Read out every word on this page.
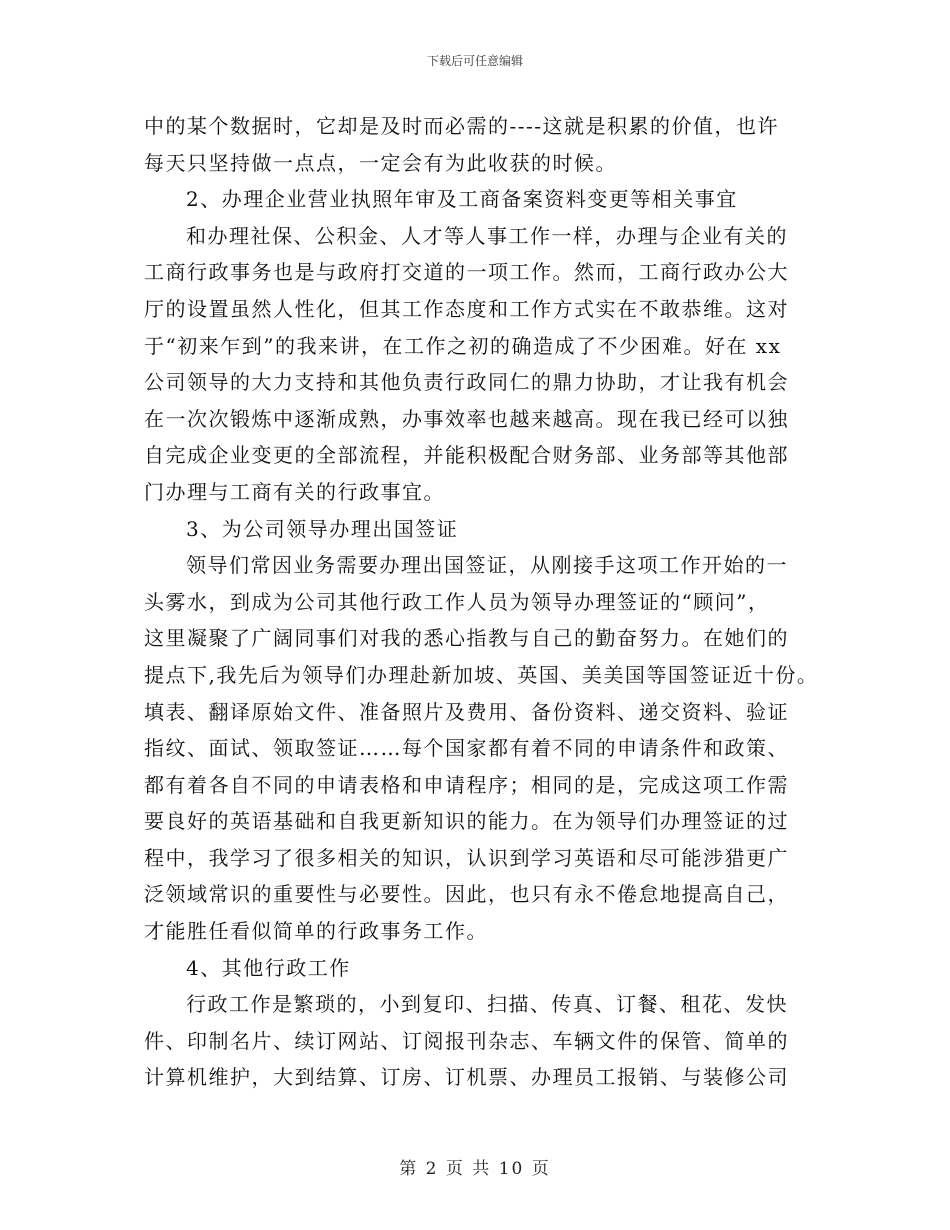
下载后可任意编辑
中的某个数据时，它却是及时而必需的----这就是积累的价值，也许
每天只坚持做一点点，一定会有为此收获的时候。
2、办理企业营业执照年审及工商备案资料变更等相关事宜
和办理社保、公积金、人才等人事工作一样，办理与企业有关的
工商行政事务也是与政府打交道的一项工作。然而，工商行政办公大
厅的设置虽然人性化，但其工作态度和工作方式实在不敢恭维。这对
于“初来乍到”的我来讲，在工作之初的确造成了不少困难。好在 xx
公司领导的大力支持和其他负责行政同仁的鼎力协助，才让我有机会
在一次次锻炼中逐渐成熟，办事效率也越来越高。现在我已经可以独
自完成企业变更的全部流程，并能积极配合财务部、业务部等其他部
门办理与工商有关的行政事宜。
3、为公司领导办理出国签证
领导们常因业务需要办理出国签证，从刚接手这项工作开始的一
头雾水，到成为公司其他行政工作人员为领导办理签证的“顾问”，
这里凝聚了广阔同事们对我的悉心指教与自己的勤奋努力。在她们的
提点下,我先后为领导们办理赴新加坡、英国、美美国等国签证近十份。
填表、翻译原始文件、准备照片及费用、备份资料、递交资料、验证
指纹、面试、领取签证……每个国家都有着不同的申请条件和政策、
都有着各自不同的申请表格和申请程序；相同的是，完成这项工作需
要良好的英语基础和自我更新知识的能力。在为领导们办理签证的过
程中，我学习了很多相关的知识，认识到学习英语和尽可能涉猎更广
泛领域常识的重要性与必要性。因此，也只有永不倦怠地提高自己，
才能胜任看似简单的行政事务工作。
4、其他行政工作
行政工作是繁琐的，小到复印、扫描、传真、订餐、租花、发快
件、印制名片、续订网站、订阅报刊杂志、车辆文件的保管、简单的
计算机维护，大到结算、订房、订机票、办理员工报销、与装修公司
第 2 页 共 10 页
